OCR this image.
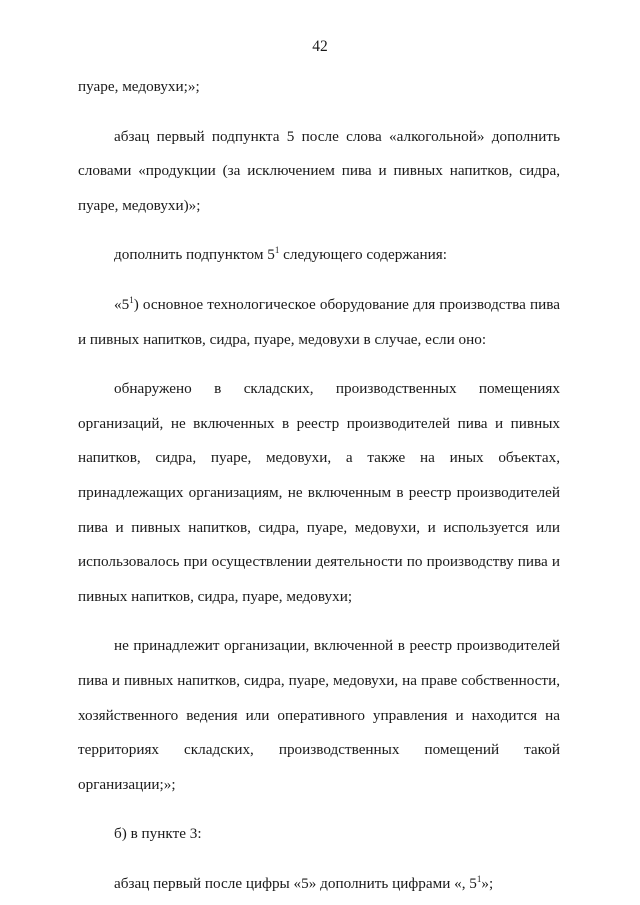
42

пуаре, медовухи;»;

абзац первый подпункта 5 после слова «алкогольной» дополнить словами «продукции (за исключением пива и пивных напитков, сидра, пуаре, медовухи)»;

дополнить подпунктом $5^1$ следующего содержания:

«$5^1$) основное технологическое оборудование для производства пива и пивных напитков, сидра, пуаре, медовухи в случае, если оно:

обнаружено в складских, производственных помещениях организаций, не включенных в реестр производителей пива и пивных напитков, сидра, пуаре, медовухи, а также на иных объектах, принадлежащих организациям, не включенным в реестр производителей пива и пивных напитков, сидра, пуаре, медовухи, и используется или использовалось при осуществлении деятельности по производству пива и пивных напитков, сидра, пуаре, медовухи;

не принадлежит организации, включенной в реестр производителей пива и пивных напитков, сидра, пуаре, медовухи, на праве собственности, хозяйственного ведения или оперативного управления и находится на территориях складских, производственных помещений такой организации;»;

б) в пункте 3:

абзац первый после цифры «5» дополнить цифрами «, $5^1$»;
